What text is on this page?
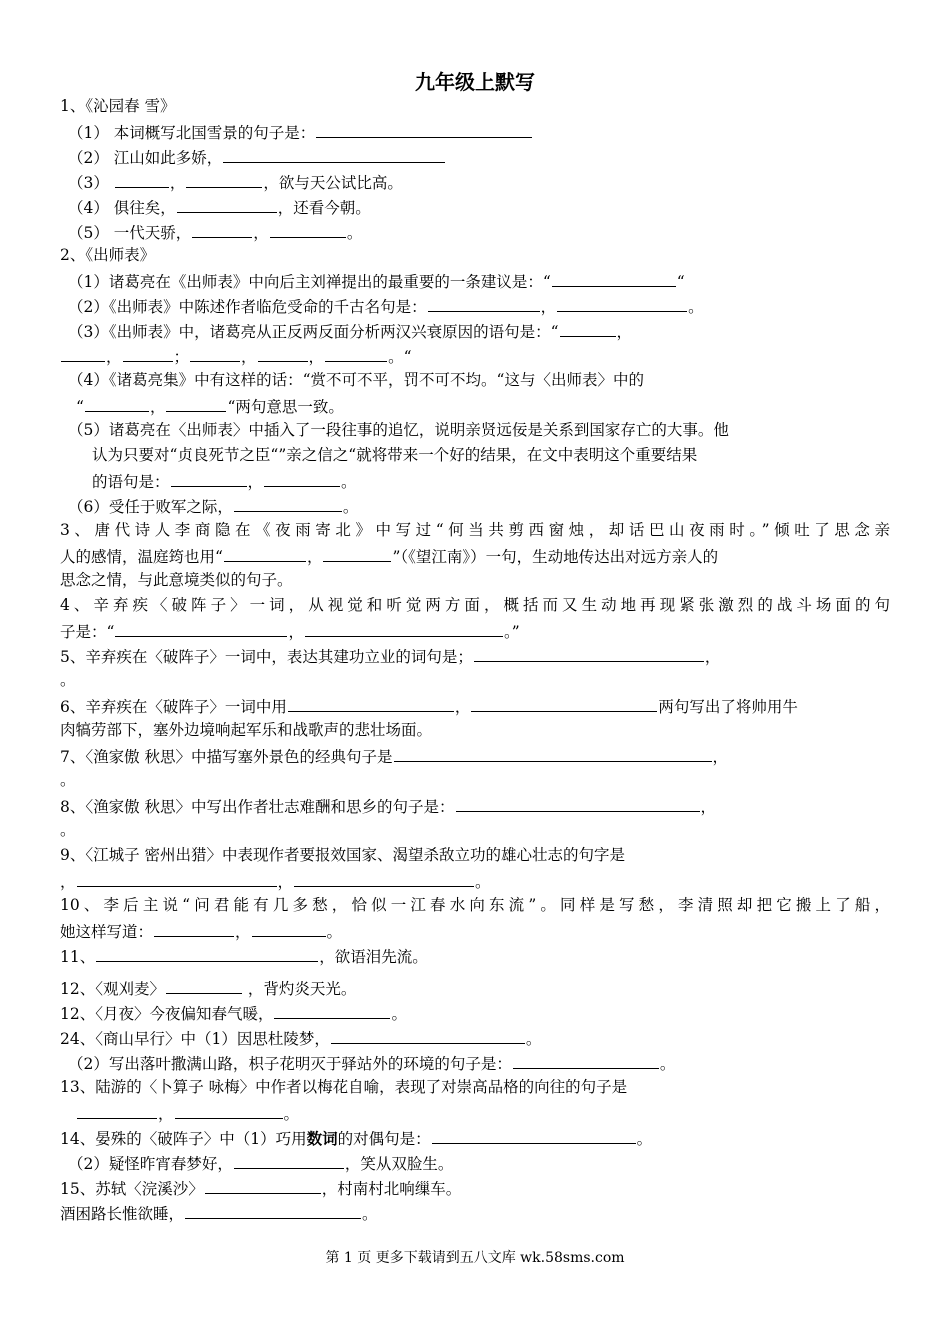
九年级上默写
1、《沁园春 雪》
（1） 本词概写北国雪景的句子是：
（2） 江山如此多娇，
（3）	，	，欲与天公试比高。
（4） 俱往矣，	，还看今朝。
（5） 一代天骄，	，	。
2、《出师表》
（1）诸葛亮在《出师表》中向后主刘禅提出的最重要的一条建议是：“	“
（2）《出师表》中陈述作者临危受命的千古名句是：	，	。
（3）《出师表》中，诸葛亮从正反两反面分析两汉兴衰原因的语句是：“	，
，	；	，	，	。“
（4）《诸葛亮集》中有这样的话：“赏不可不平，罚不可不均。“这与〈出师表〉中的
“	，	“两句意思一致。
（5）诸葛亮在〈出师表〉中插入了一段往事的追忆，说明亲贤远佞是关系到国家存亡的大事。他
认为只要对“贞良死节之臣“”亲之信之“就将带来一个好的结果，在文中表明这个重要结果
的语句是：	，	。
（6）受任于败军之际，	。
3、唐代诗人李商隐在《夜雨寄北》中写过“何当共剪西窗烛，却话巴山夜雨时。”倾吐了思念亲
人的感情，温庭筠也用“	，	”（《望江南》）一句，生动地传达出对远方亲人的
思念之情，与此意境类似的句子。
4、辛弃疾〈破阵子〉一词，从视觉和听觉两方面，概括而又生动地再现紧张激烈的战斗场面的句
子是：“	，	。”
5、辛弃疾在〈破阵子〉一词中，表达其建功立业的词句是；	，
。
6、辛弃疾在〈破阵子〉一词中用	，	两句写出了将帅用牛
肉犒劳部下，塞外边境响起军乐和战歌声的悲壮场面。
7、〈渔家傲 秋思〉中描写塞外景色的经典句子是	，
。
8、〈渔家傲 秋思〉中写出作者壮志难酬和思乡的句子是：	，
。
9、〈江城子 密州出猎〉中表现作者要报效国家、渴望杀敌立功的雄心壮志的句字是
，	，	。
10、李后主说“问君能有几多愁，恰似一江春水向东流”。同样是写愁，李清照却把它搬上了船，
她这样写道：	，	。
11、	，欲语泪先流。
12、〈观刈麦〉	，背灼炎天光。
12、〈月夜〉今夜偏知春气暖，	。
24、〈商山早行〉中（1）因思杜陵梦，	。
（2）写出落叶撒满山路，枳子花明灭于驿站外的环境的句子是：	。
13、陆游的〈卜算子 咏梅〉中作者以梅花自喻，表现了对崇高品格的向往的句子是
，	。
14、晏殊的〈破阵子〉中（1）巧用数词的对偶句是：	。
（2）疑怪昨宵春梦好，	，笑从双脸生。
15、苏轼〈浣溪沙〉	，村南村北响缫车。
酒困路长惟欲睡，	。
第 1 页 更多下载请到五八文库 wk.58sms.com
